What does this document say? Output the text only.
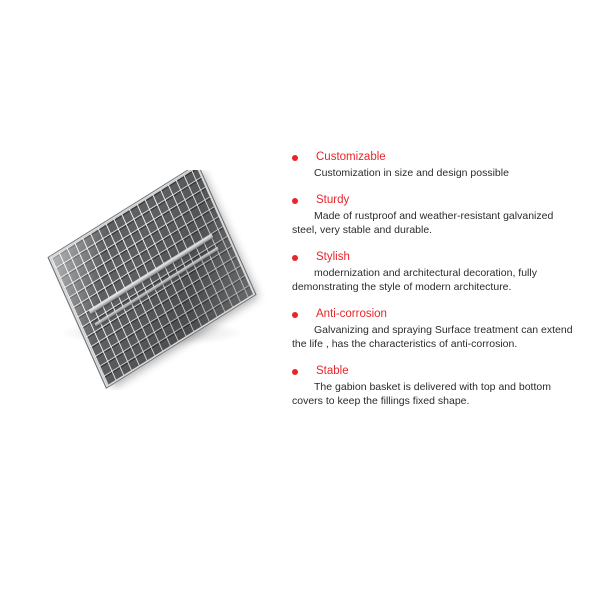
Customizable

Customization in size and design possible

Sturdy

Made of rustproof and weather-resistant galvanized steel, very stable and durable.

Stylish

modernization and architectural decoration, fully demonstrating the style of modern architecture.

Anti-corrosion

Galvanizing and spraying Surface treatment can extend the life , has the characteristics of anti-corrosion.

Stable

The gabion basket is delivered with top and bottom covers to keep the fillings fixed shape.
